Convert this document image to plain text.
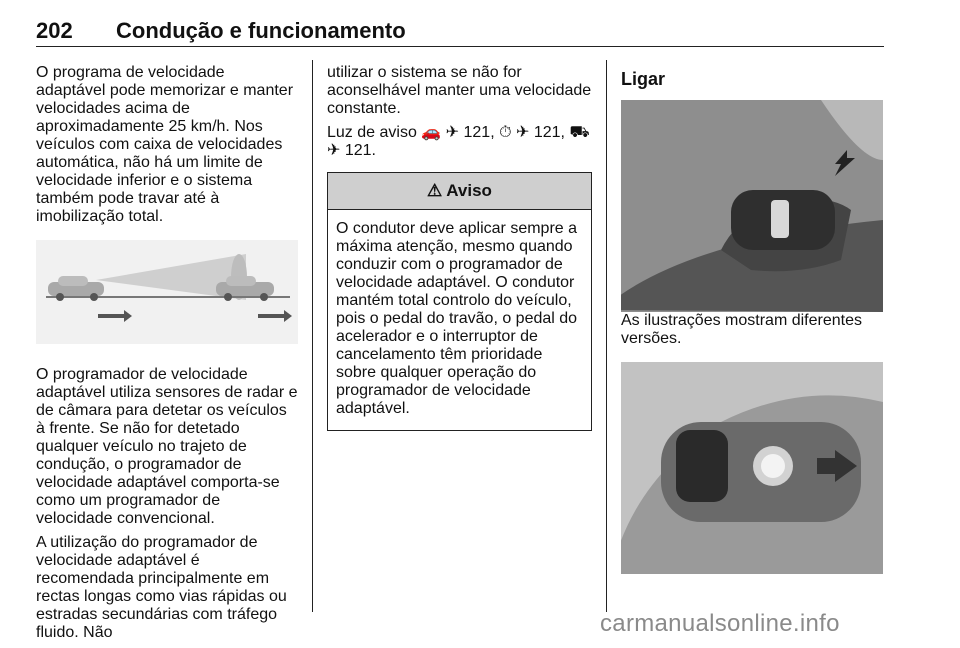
202 Condução e funcionamento

O programa de velocidade adaptável pode memorizar e manter velocidades acima de aproximadamente 25 km/h. Nos veículos com caixa de velocidades automática, não há um limite de velocidade inferior e o sistema também pode travar até à imobilização total.

O programador de velocidade adaptável utiliza sensores de radar e de câmara para detetar os veículos à frente. Se não for detetado qualquer veículo no trajeto de condução, o programador de velocidade adaptável comporta-se como um programador de velocidade convencional.

A utilização do programador de velocidade adaptável é recomendada principalmente em rectas longas como vias rápidas ou estradas secundárias com tráfego fluido. Não

utilizar o sistema se não for aconselhável manter uma velocidade constante.

Luz de aviso 🚗 ✈ 121, ⏱ ✈ 121, ⛟ ✈ 121.

⚠ Aviso
O condutor deve aplicar sempre a máxima atenção, mesmo quando conduzir com o programador de velocidade adaptável. O condutor mantém total controlo do veículo, pois o pedal do travão, o pedal do acelerador e o interruptor de cancelamento têm prioridade sobre qualquer operação do programador de velocidade adaptável.
Ligar

As ilustrações mostram diferentes versões.

carmanualsonline.info
